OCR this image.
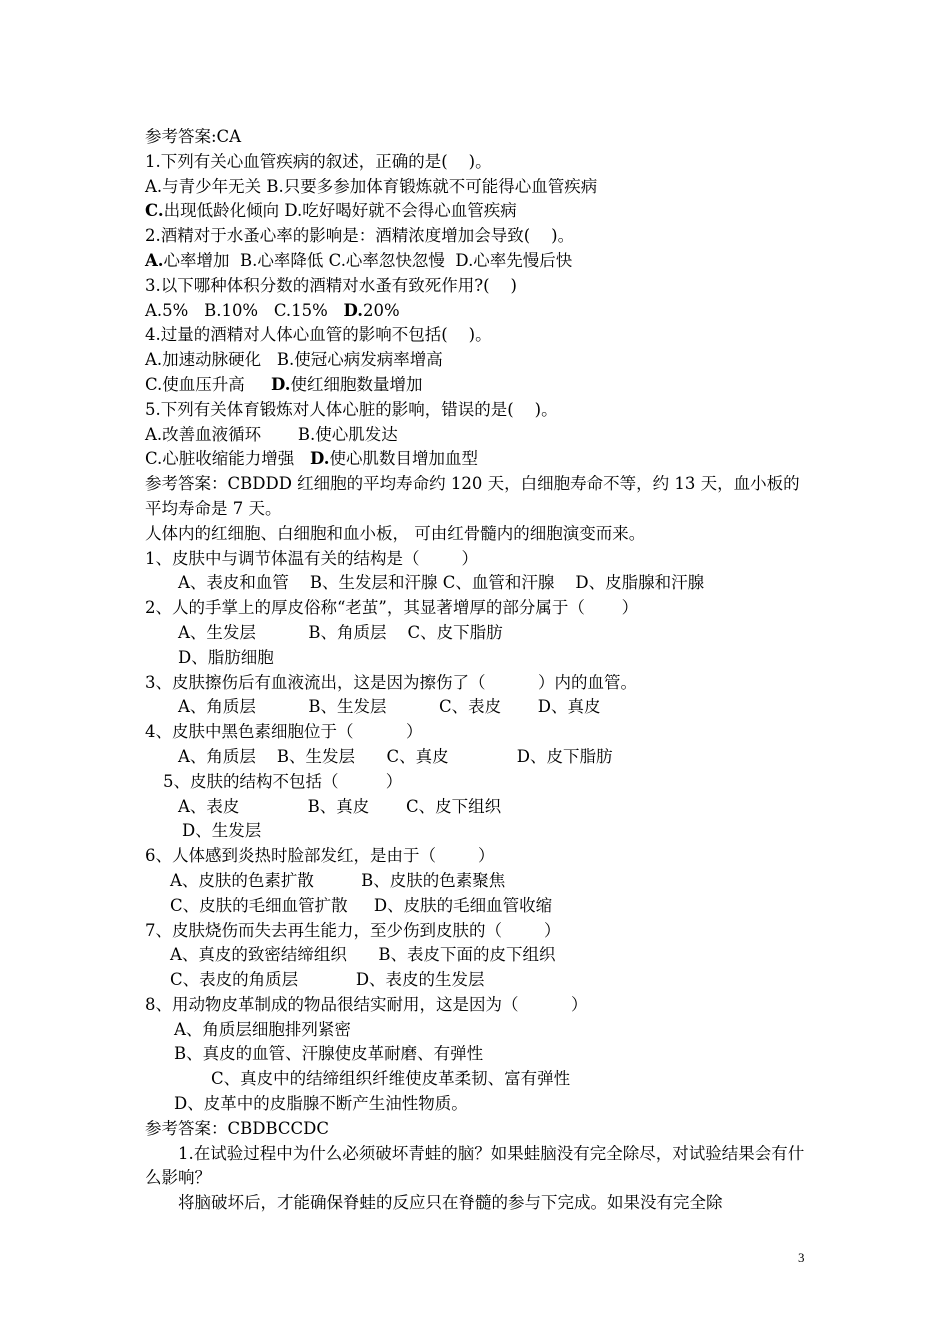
参考答案:CA
1.下列有关心血管疾病的叙述，正确的是(    )。
A.与青少年无关 B.只要多参加体育锻炼就不可能得心血管疾病
C.出现低龄化倾向 D.吃好喝好就不会得心血管疾病
2.酒精对于水蚤心率的影响是：酒精浓度增加会导致(    )。
A.心率增加  B.心率降低 C.心率忽快忽慢  D.心率先慢后快
3.以下哪种体积分数的酒精对水蚤有致死作用?(    )
A.5%   B.10%   C.15%   D.20%
4.过量的酒精对人体心血管的影响不包括(    )。
A.加速动脉硬化   B.使冠心病发病率增高
C.使血压升高     D.使红细胞数量增加
5.下列有关体育锻炼对人体心脏的影响，错误的是(    )。
A.改善血液循环       B.使心肌发达
C.心脏收缩能力增强   D.使心肌数目增加血型
参考答案：CBDDD 红细胞的平均寿命约 120 天，白细胞寿命不等，约 13 天，血小板的平均寿命是 7 天。
人体内的红细胞、白细胞和血小板， 可由红骨髓内的细胞演变而来。
1、皮肤中与调节体温有关的结构是（        ）
A、表皮和血管    B、生发层和汗腺 C、血管和汗腺    D、皮脂腺和汗腺
2、人的手掌上的厚皮俗称“老茧”，其显著增厚的部分属于（       ）
A、生发层          B、角质层    C、皮下脂肪
D、脂肪细胞
3、皮肤擦伤后有血液流出，这是因为擦伤了（          ）内的血管。
A、角质层          B、生发层          C、表皮       D、真皮
4、皮肤中黑色素细胞位于（          ）
A、角质层    B、生发层      C、真皮             D、皮下脂肪
5、皮肤的结构不包括（         ）
A、表皮             B、真皮       C、皮下组织
D、生发层
6、人体感到炎热时脸部发红，是由于（        ）
A、皮肤的色素扩散         B、皮肤的色素聚焦
C、皮肤的毛细血管扩散     D、皮肤的毛细血管收缩
7、皮肤烧伤而失去再生能力，至少伤到皮肤的（        ）
A、真皮的致密结缔组织      B、表皮下面的皮下组织
C、表皮的角质层           D、表皮的生发层
8、用动物皮革制成的物品很结实耐用，这是因为（          ）
A、角质层细胞排列紧密
B、真皮的血管、汗腺使皮革耐磨、有弹性
C、真皮中的结缔组织纤维使皮革柔韧、富有弹性
D、皮革中的皮脂腺不断产生油性物质。
参考答案：CBDBCCDC
1.在试验过程中为什么必须破坏青蛙的脑？如果蛙脑没有完全除尽，对试验结果会有什么影响？
将脑破坏后，才能确保脊蛙的反应只在脊髓的参与下完成。如果没有完全除
3
